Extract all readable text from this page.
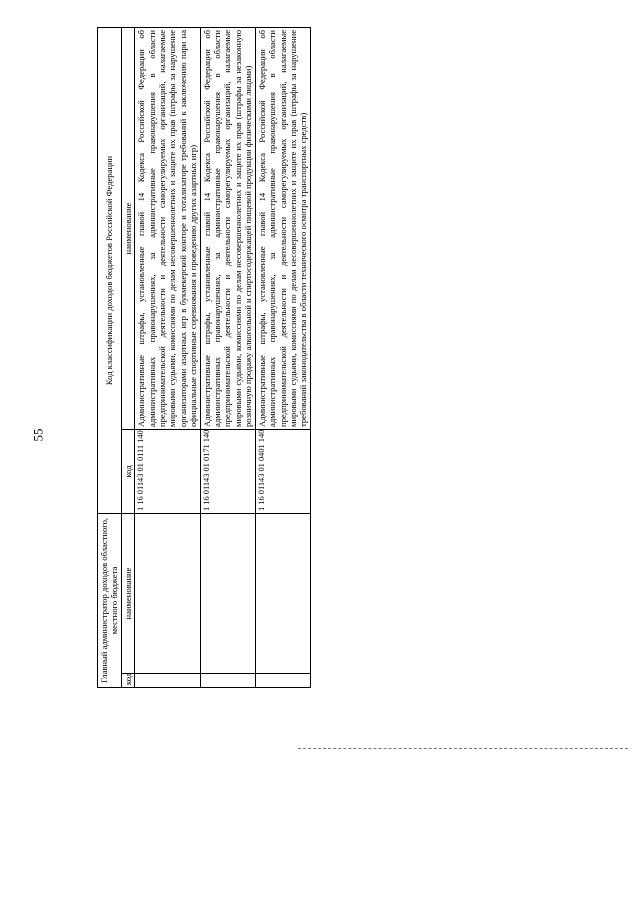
55
Главный администратор доходов областного, местного бюджета		Код классификации доходов бюджетов Российской Федерации	
код	наименование	код	наименование
		1 16 01143 01 0111 140	Административные штрафы, установленные главой 14 Кодекса Российской Федерации об административных правонарушениях, за административные правонарушения в области предпринимательской деятельности и деятельности саморегулируемых организаций, налагаемые мировыми судьями, комиссиями по делам несовершеннолетних и защите их прав (штрафы за нарушение организаторами азартных игр в букмекерской конторе и тотализаторе требований к заключению пари на официальные спортивные соревнования и проведению других азартных игр)
		1 16 01143 01 0171 140	Административные штрафы, установленные главой 14 Кодекса Российской Федерации об административных правонарушениях, за административные правонарушения в области предпринимательской деятельности и деятельности саморегулируемых организаций, налагаемые мировыми судьями, комиссиями по делам несовершеннолетних и защите их прав (штрафы за незаконную розничную продажу алкогольной и спиртосодержащей пищевой продукции физическими лицами)
		1 16 01143 01 0401 140	Административные штрафы, установленные главой 14 Кодекса Российской Федерации об административных правонарушениях, за административные правонарушения в области предпринимательской деятельности и деятельности саморегулируемых организаций, налагаемые мировыми судьями, комиссиями по делам несовершеннолетних и защите их прав (штрафы за нарушение требований законодательства в области технического осмотра транспортных средств)
